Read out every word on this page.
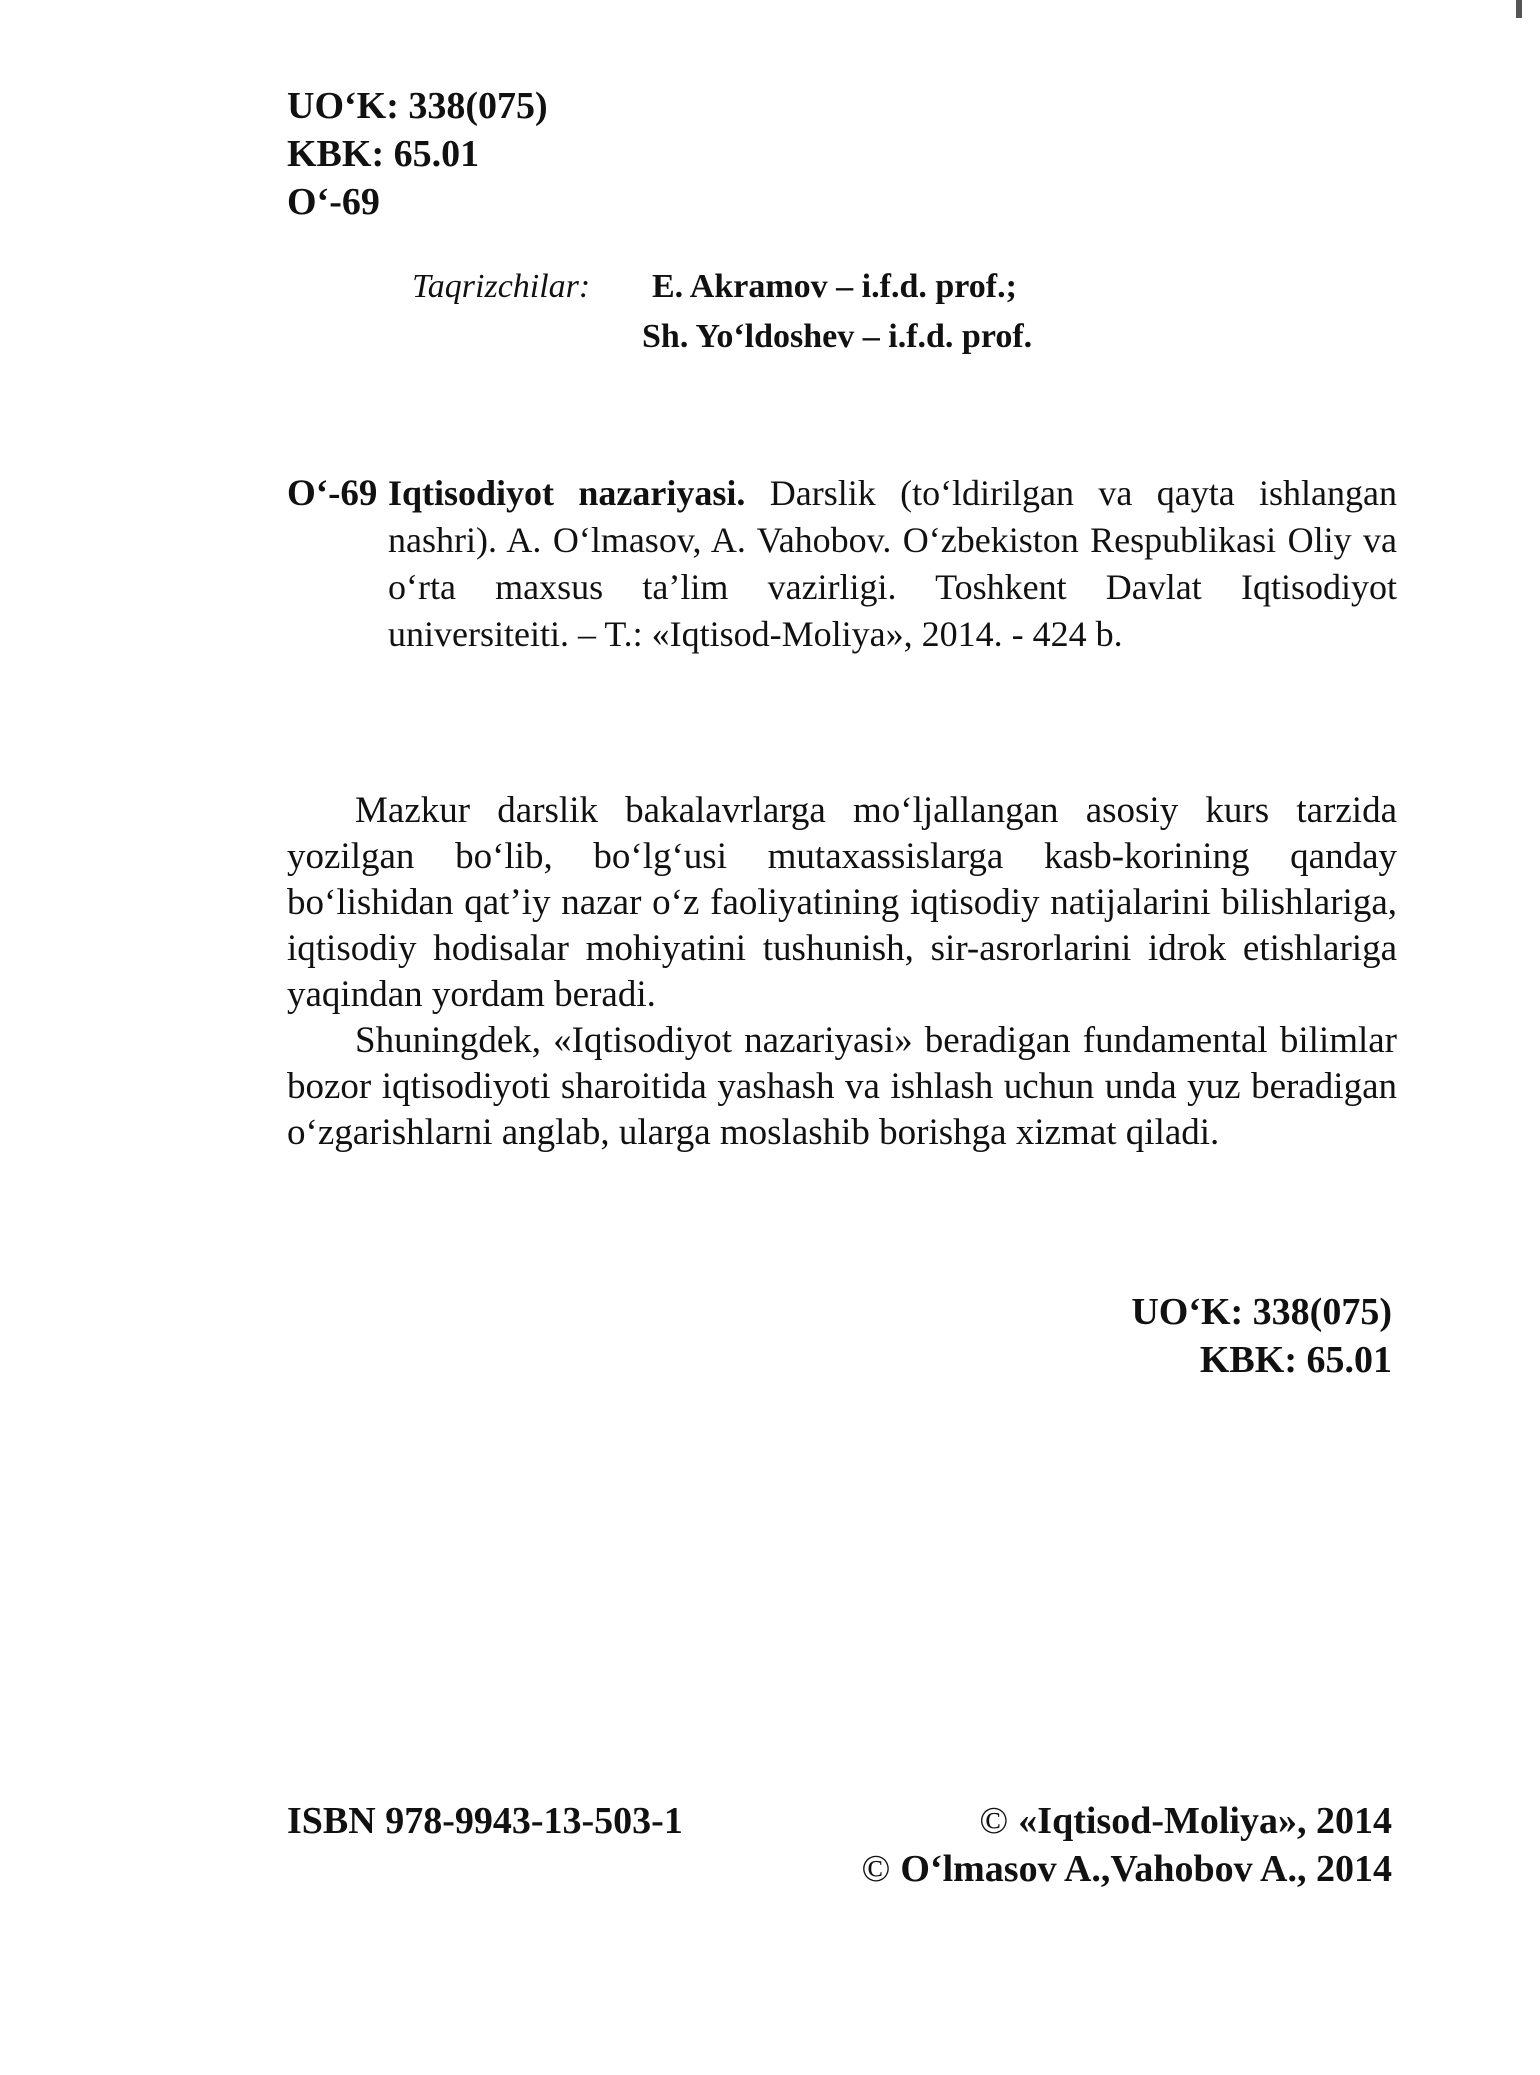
UO‘K: 338(075)
KBK: 65.01
O‘-69
Taqrizchilar: E. Akramov – i.f.d. prof.;
Sh. Yo‘ldoshev – i.f.d. prof.
O‘-69 Iqtisodiyot nazariyasi. Darslik (to‘ldirilgan va qayta ishlangan nashri). A. O‘lmasov, A. Vahobov. O‘zbekiston Respublikasi Oliy va o‘rta maxsus ta’lim vazirligi. Toshkent Davlat Iqtisodiyot universiteiti. – T.: «Iqtisod-Moliya», 2014. - 424 b.

Mazkur darslik bakalavrlarga mo‘ljallangan asosiy kurs tarzida yozilgan bo‘lib, bo‘lg‘usi mutaxassislarga kasb-korining qanday bo‘lishidan qat’iy nazar o‘z faoliyatining iqtisodiy natijalarini bilishlariga, iqtisodiy hodisalar mohiyatini tushunish, sir-asrorlarini idrok etishlariga yaqindan yordam beradi.

Shuningdek, «Iqtisodiyot nazariyasi» beradigan fundamental bilimlar bozor iqtisodiyoti sharoitida yashash va ishlash uchun unda yuz beradigan o‘zgarishlarni anglab, ularga moslashib borishga xizmat qiladi.

UO‘K: 338(075)
KBK: 65.01
ISBN 978-9943-13-503-1	© «Iqtisod-Moliya», 2014
© O‘lmasov A.,Vahobov A., 2014
